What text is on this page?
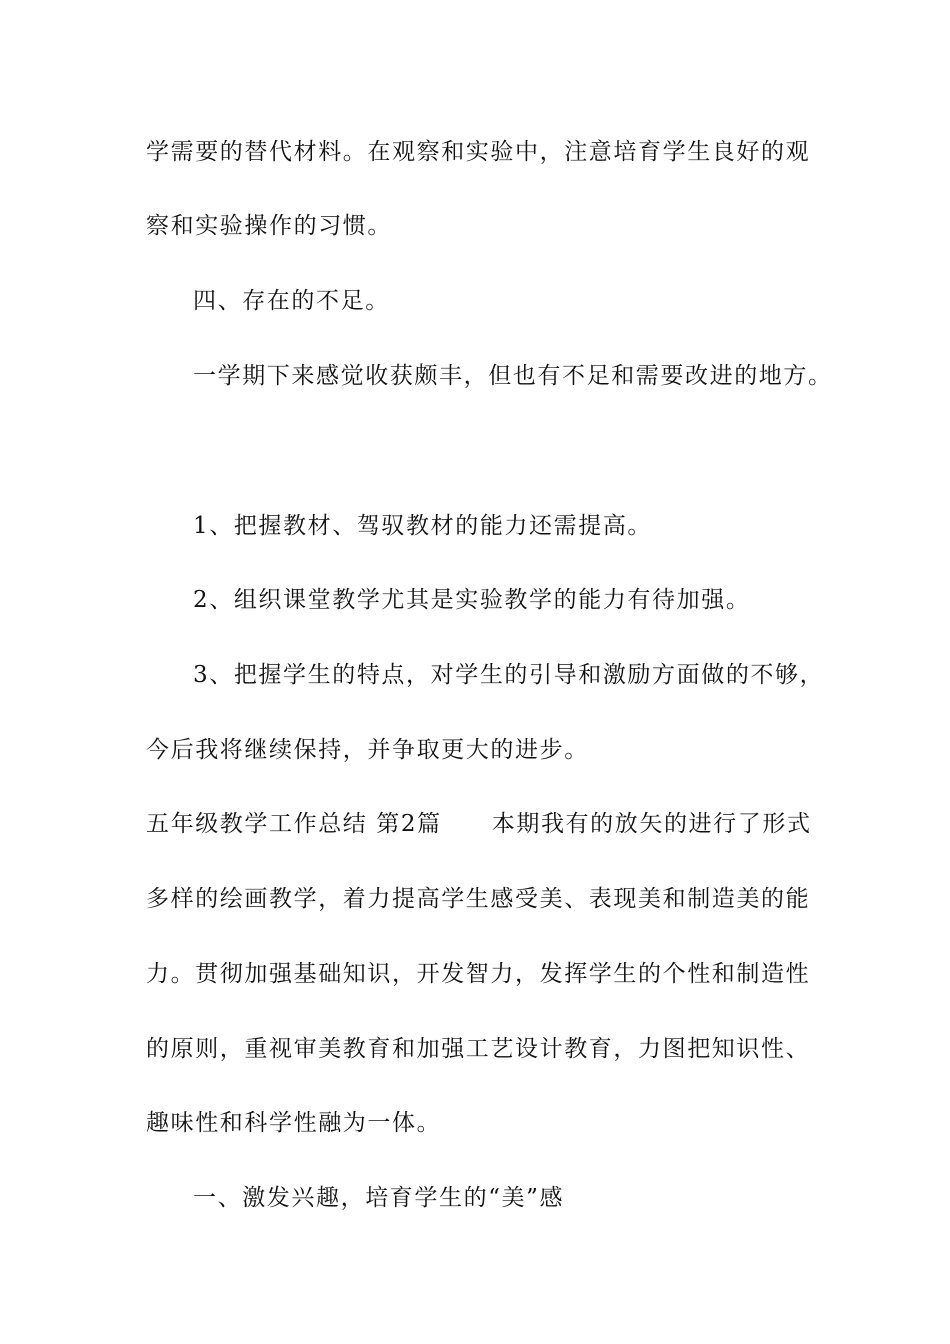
学需要的替代材料。在观察和实验中，注意培育学生良好的观
察和实验操作的习惯。
四、存在的不足。
一学期下来感觉收获颇丰，但也有不足和需要改进的地方。
1、把握教材、驾驭教材的能力还需提高。
2、组织课堂教学尤其是实验教学的能力有待加强。
3、把握学生的特点，对学生的引导和激励方面做的不够，
今后我将继续保持，并争取更大的进步。
五年级教学工作总结 第2篇 本期我有的放矢的进行了形式
多样的绘画教学，着力提高学生感受美、表现美和制造美的能
力。贯彻加强基础知识，开发智力，发挥学生的个性和制造性
的原则，重视审美教育和加强工艺设计教育，力图把知识性、
趣味性和科学性融为一体。
一、激发兴趣，培育学生的“美”感
